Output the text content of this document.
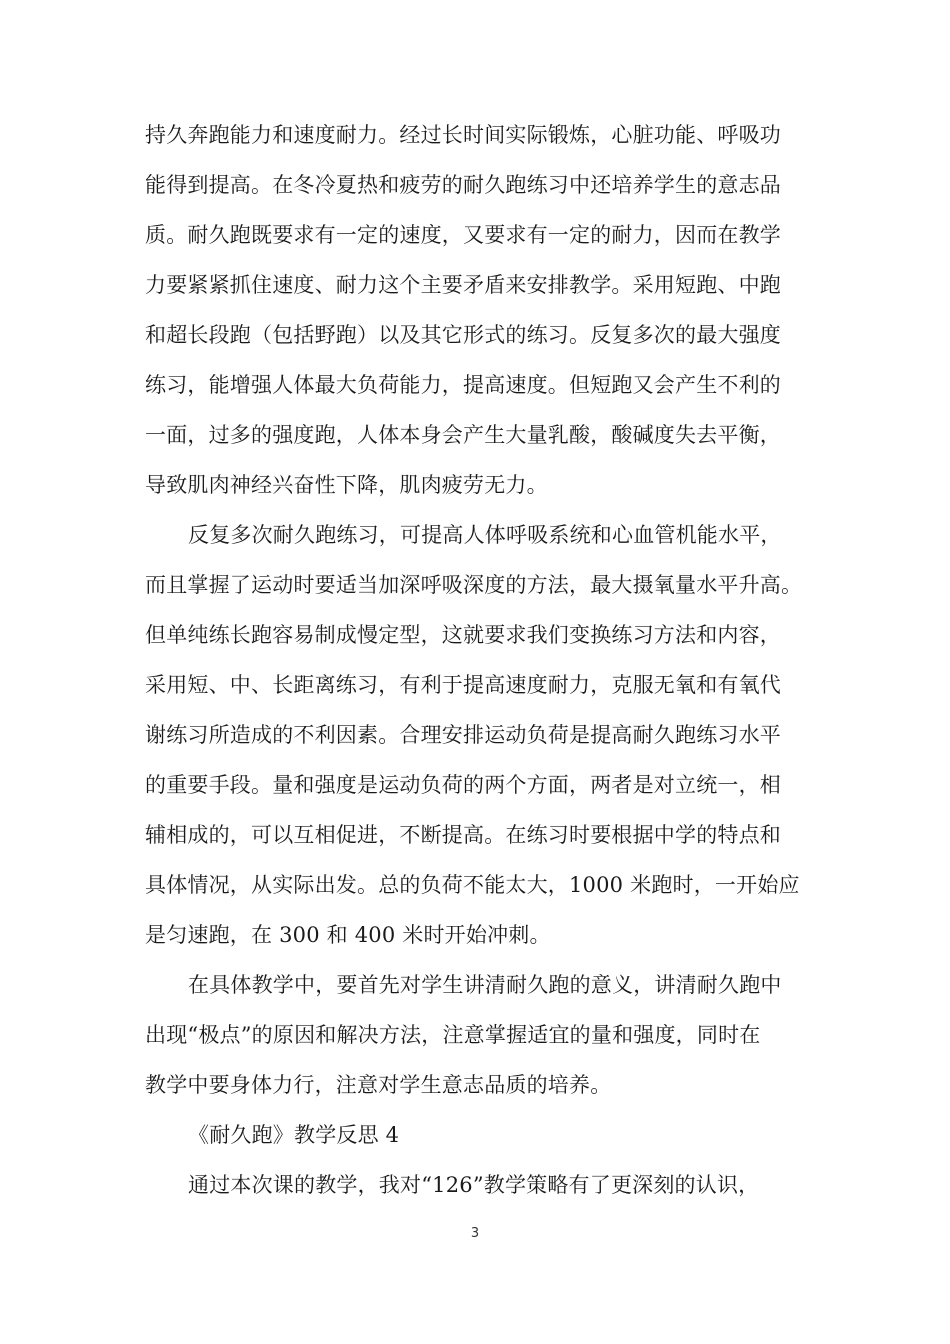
持久奔跑能力和速度耐力。经过长时间实际锻炼，心脏功能、呼吸功
能得到提高。在冬冷夏热和疲劳的耐久跑练习中还培养学生的意志品
质。耐久跑既要求有一定的速度，又要求有一定的耐力，因而在教学
力要紧紧抓住速度、耐力这个主要矛盾来安排教学。采用短跑、中跑
和超长段跑（包括野跑）以及其它形式的练习。反复多次的最大强度
练习，能增强人体最大负荷能力，提高速度。但短跑又会产生不利的
一面，过多的强度跑，人体本身会产生大量乳酸，酸碱度失去平衡，
导致肌肉神经兴奋性下降，肌肉疲劳无力。
反复多次耐久跑练习，可提高人体呼吸系统和心血管机能水平，
而且掌握了运动时要适当加深呼吸深度的方法，最大摄氧量水平升高。
但单纯练长跑容易制成慢定型，这就要求我们变换练习方法和内容，
采用短、中、长距离练习，有利于提高速度耐力，克服无氧和有氧代
谢练习所造成的不利因素。合理安排运动负荷是提高耐久跑练习水平
的重要手段。量和强度是运动负荷的两个方面，两者是对立统一，相
辅相成的，可以互相促进，不断提高。在练习时要根据中学的特点和
具体情况，从实际出发。总的负荷不能太大，1000 米跑时，一开始应
是匀速跑，在 300 和 400 米时开始冲刺。
在具体教学中，要首先对学生讲清耐久跑的意义，讲清耐久跑中
出现“极点”的原因和解决方法，注意掌握适宜的量和强度，同时在
教学中要身体力行，注意对学生意志品质的培养。
《耐久跑》教学反思 4
通过本次课的教学，我对“126”教学策略有了更深刻的认识，
3
